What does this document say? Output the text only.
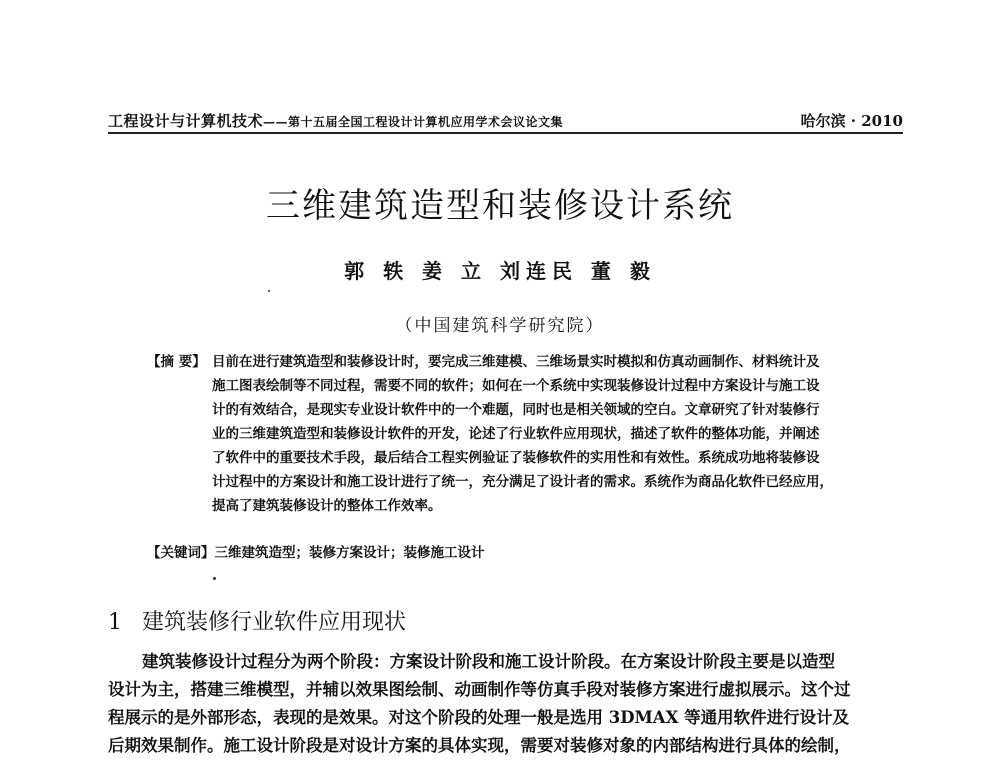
工程设计与计算机技术——第十五届全国工程设计计算机应用学术会议论文集	哈尔滨 · 2010
三维建筑造型和装修设计系统
郭 轶 姜 立 刘连民 董 毅
（中国建筑科学研究院）
【摘 要】 目前在进行建筑造型和装修设计时，要完成三维建模、三维场景实时模拟和仿真动画制作、材料统计及
施工图表绘制等不同过程，需要不同的软件；如何在一个系统中实现装修设计过程中方案设计与施工设
计的有效结合，是现实专业设计软件中的一个难题，同时也是相关领域的空白。文章研究了针对装修行
业的三维建筑造型和装修设计软件的开发，论述了行业软件应用现状，描述了软件的整体功能，并阐述
了软件中的重要技术手段，最后结合工程实例验证了装修软件的实用性和有效性。系统成功地将装修设
计过程中的方案设计和施工设计进行了统一，充分满足了设计者的需求。系统作为商品化软件已经应用，
提高了建筑装修设计的整体工作效率。
【关键词】三维建筑造型；装修方案设计；装修施工设计
1 建筑装修行业软件应用现状
建筑装修设计过程分为两个阶段：方案设计阶段和施工设计阶段。在方案设计阶段主要是以造型
设计为主，搭建三维模型，并辅以效果图绘制、动画制作等仿真手段对装修方案进行虚拟展示。这个过
程展示的是外部形态，表现的是效果。对这个阶段的处理一般是选用 3DMAX 等通用软件进行设计及
后期效果制作。施工设计阶段是对设计方案的具体实现，需要对装修对象的内部结构进行具体的绘制，
